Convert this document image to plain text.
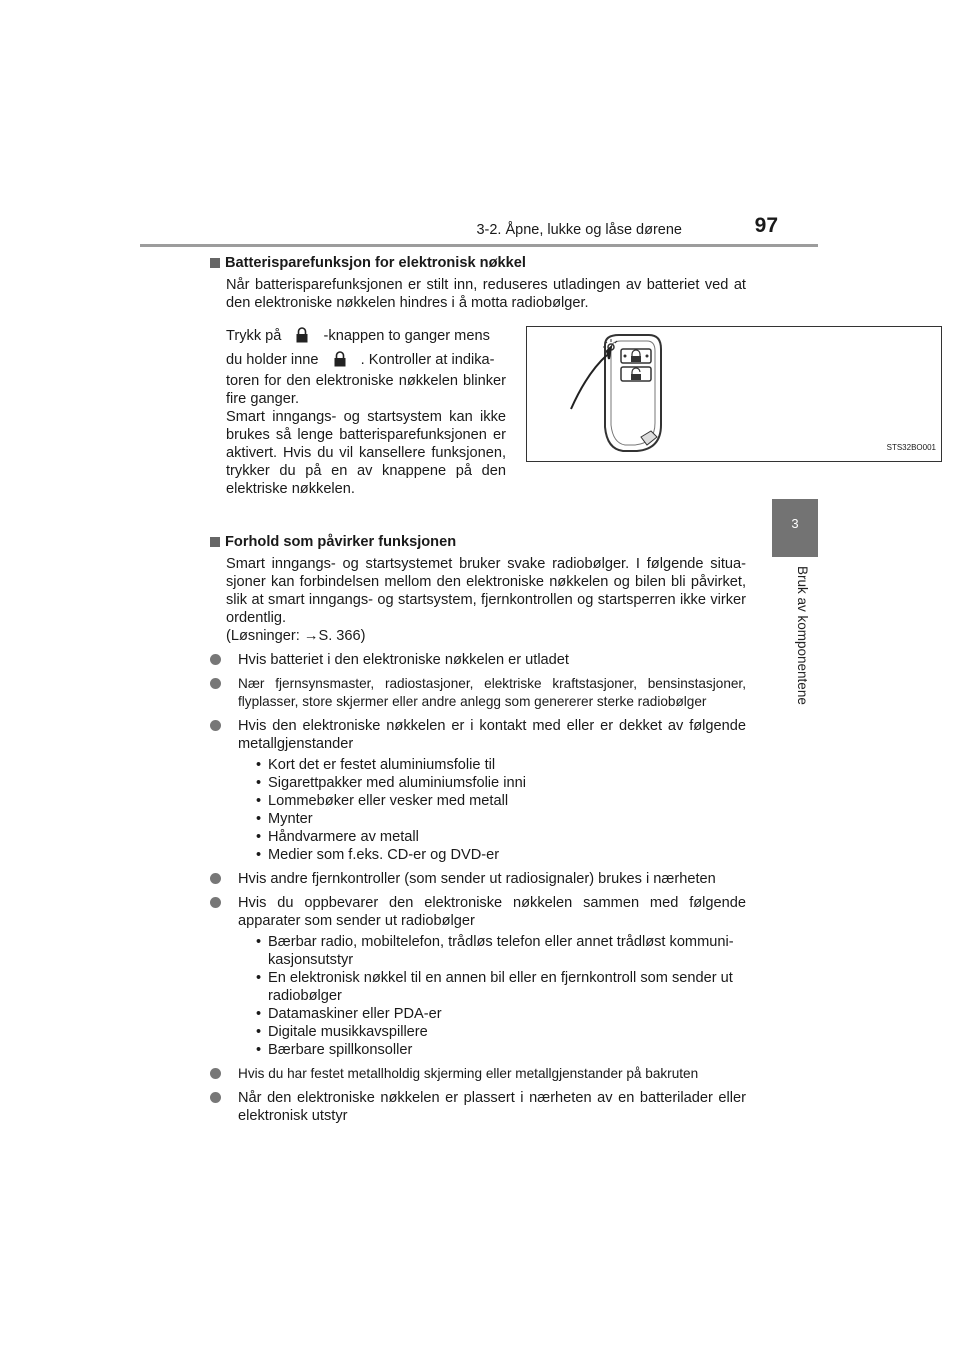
3-2. Åpne, lukke og låse dørene	97
3
Bruk av komponentene

Batterisparefunksjon for elektronisk nøkkel

Når batterisparefunksjonen er stilt inn, reduseres utladingen av batteriet ved at den elektroniske nøkkelen hindres i å motta radiobølger.

Trykk på	-knappen to ganger mens
du holder inne	. Kontroller at indika-
toren for den elektroniske nøkkelen blinker fire ganger.
Smart inngangs- og startsystem kan ikke brukes så lenge batterisparefunksjonen er aktivert. Hvis du vil kansellere funksjonen, trykker du på en av knappene på den elektriske nøkkelen.
STS32BO001

Forhold som påvirker funksjonen

Smart inngangs- og startsystemet bruker svake radiobølger. I følgende situa-sjoner kan forbindelsen mellom den elektroniske nøkkelen og bilen bli påvirket, slik at smart inngangs- og startsystem, fjernkontrollen og startsperren ikke virker ordentlig.

(Løsninger: →S. 366)

Hvis batteriet i den elektroniske nøkkelen er utladet

Nær fjernsynsmaster, radiostasjoner, elektriske kraftstasjoner, bensinstasjoner, flyplasser, store skjermer eller andre anlegg som genererer sterke radiobølger

Hvis den elektroniske nøkkelen er i kontakt med eller er dekket av følgende metallgjenstander

• Kort det er festet aluminiumsfolie til
• Sigarettpakker med aluminiumsfolie inni
• Lommebøker eller vesker med metall
• Mynter
• Håndvarmere av metall
• Medier som f.eks. CD-er og DVD-er

Hvis andre fjernkontroller (som sender ut radiosignaler) brukes i nærheten

Hvis du oppbevarer den elektroniske nøkkelen sammen med følgende apparater som sender ut radiobølger

• Bærbar radio, mobiltelefon, trådløs telefon eller annet trådløst kommuni-kasjonsutstyr
• En elektronisk nøkkel til en annen bil eller en fjernkontroll som sender ut radiobølger
• Datamaskiner eller PDA-er
• Digitale musikkavspillere
• Bærbare spillkonsoller

Hvis du har festet metallholdig skjerming eller metallgjenstander på bakruten

Når den elektroniske nøkkelen er plassert i nærheten av en batterilader eller elektronisk utstyr
